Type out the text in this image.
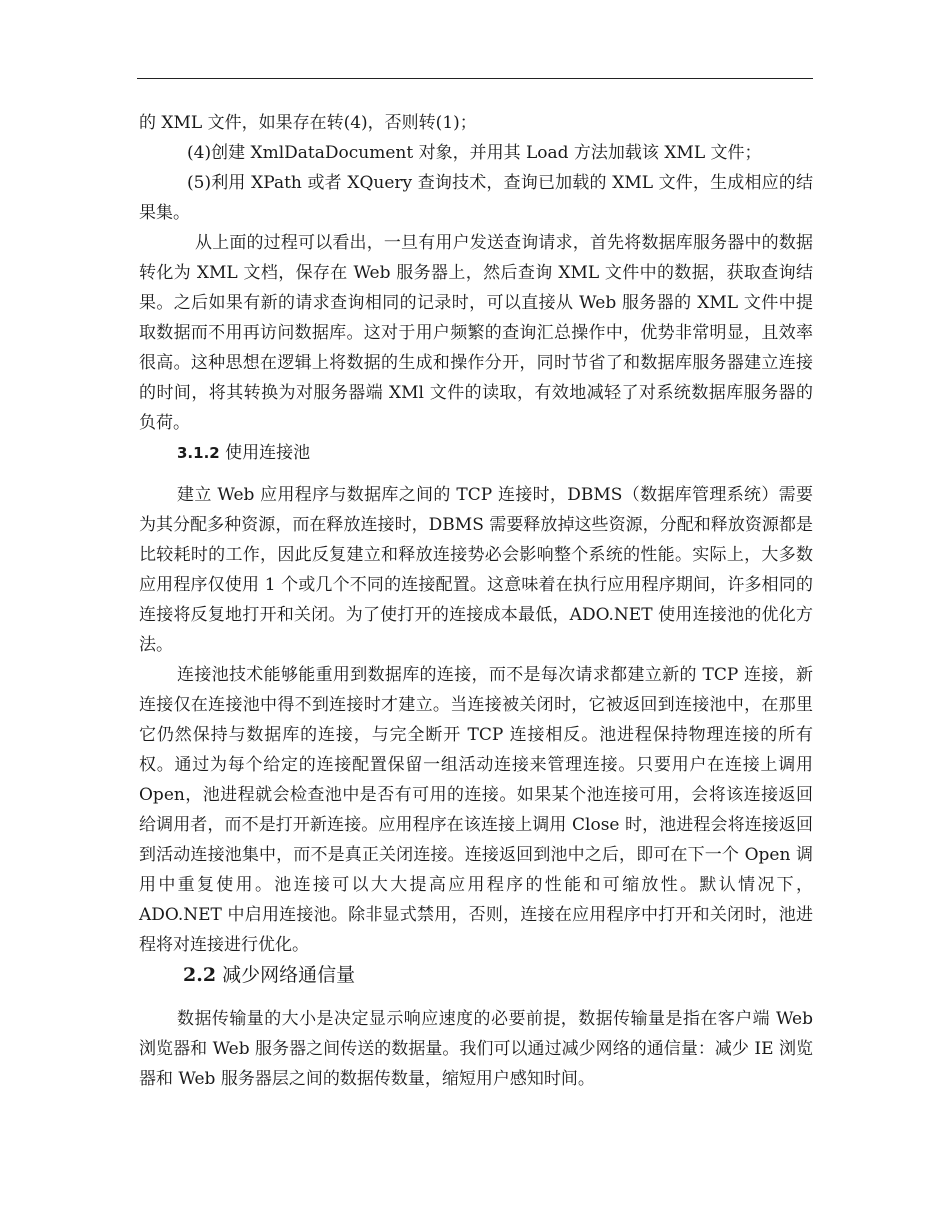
的 XML 文件，如果存在转(4)，否则转(1)；

(4)创建 XmlDataDocument 对象，并用其 Load 方法加载该 XML 文件；

(5)利用 XPath 或者 XQuery 查询技术，查询已加载的 XML 文件，生成相应的结果集。

从上面的过程可以看出，一旦有用户发送查询请求，首先将数据库服务器中的数据转化为 XML 文档，保存在 Web 服务器上，然后查询 XML 文件中的数据，获取查询结果。之后如果有新的请求查询相同的记录时，可以直接从 Web 服务器的 XML 文件中提取数据而不用再访问数据库。这对于用户频繁的查询汇总操作中，优势非常明显，且效率很高。这种思想在逻辑上将数据的生成和操作分开，同时节省了和数据库服务器建立连接的时间，将其转换为对服务器端 XMl 文件的读取，有效地减轻了对系统数据库服务器的负荷。

3.1.2 使用连接池

建立 Web 应用程序与数据库之间的 TCP 连接时，DBMS（数据库管理系统）需要为其分配多种资源，而在释放连接时，DBMS 需要释放掉这些资源，分配和释放资源都是比较耗时的工作，因此反复建立和释放连接势必会影响整个系统的性能。实际上，大多数应用程序仅使用 1 个或几个不同的连接配置。这意味着在执行应用程序期间，许多相同的连接将反复地打开和关闭。为了使打开的连接成本最低，ADO.NET 使用连接池的优化方法。

连接池技术能够能重用到数据库的连接，而不是每次请求都建立新的 TCP 连接，新连接仅在连接池中得不到连接时才建立。当连接被关闭时，它被返回到连接池中，在那里它仍然保持与数据库的连接，与完全断开 TCP 连接相反。池进程保持物理连接的所有权。通过为每个给定的连接配置保留一组活动连接来管理连接。只要用户在连接上调用 Open，池进程就会检查池中是否有可用的连接。如果某个池连接可用，会将该连接返回给调用者，而不是打开新连接。应用程序在该连接上调用 Close 时，池进程会将连接返回到活动连接池集中，而不是真正关闭连接。连接返回到池中之后，即可在下一个 Open 调用中重复使用。池连接可以大大提高应用程序的性能和可缩放性。默认情况下，ADO.NET 中启用连接池。除非显式禁用，否则，连接在应用程序中打开和关闭时，池进程将对连接进行优化。

2.2 减少网络通信量

数据传输量的大小是决定显示响应速度的必要前提，数据传输量是指在客户端 Web 浏览器和 Web 服务器之间传送的数据量。我们可以通过减少网络的通信量：减少 IE 浏览器和 Web 服务器层之间的数据传数量，缩短用户感知时间。
